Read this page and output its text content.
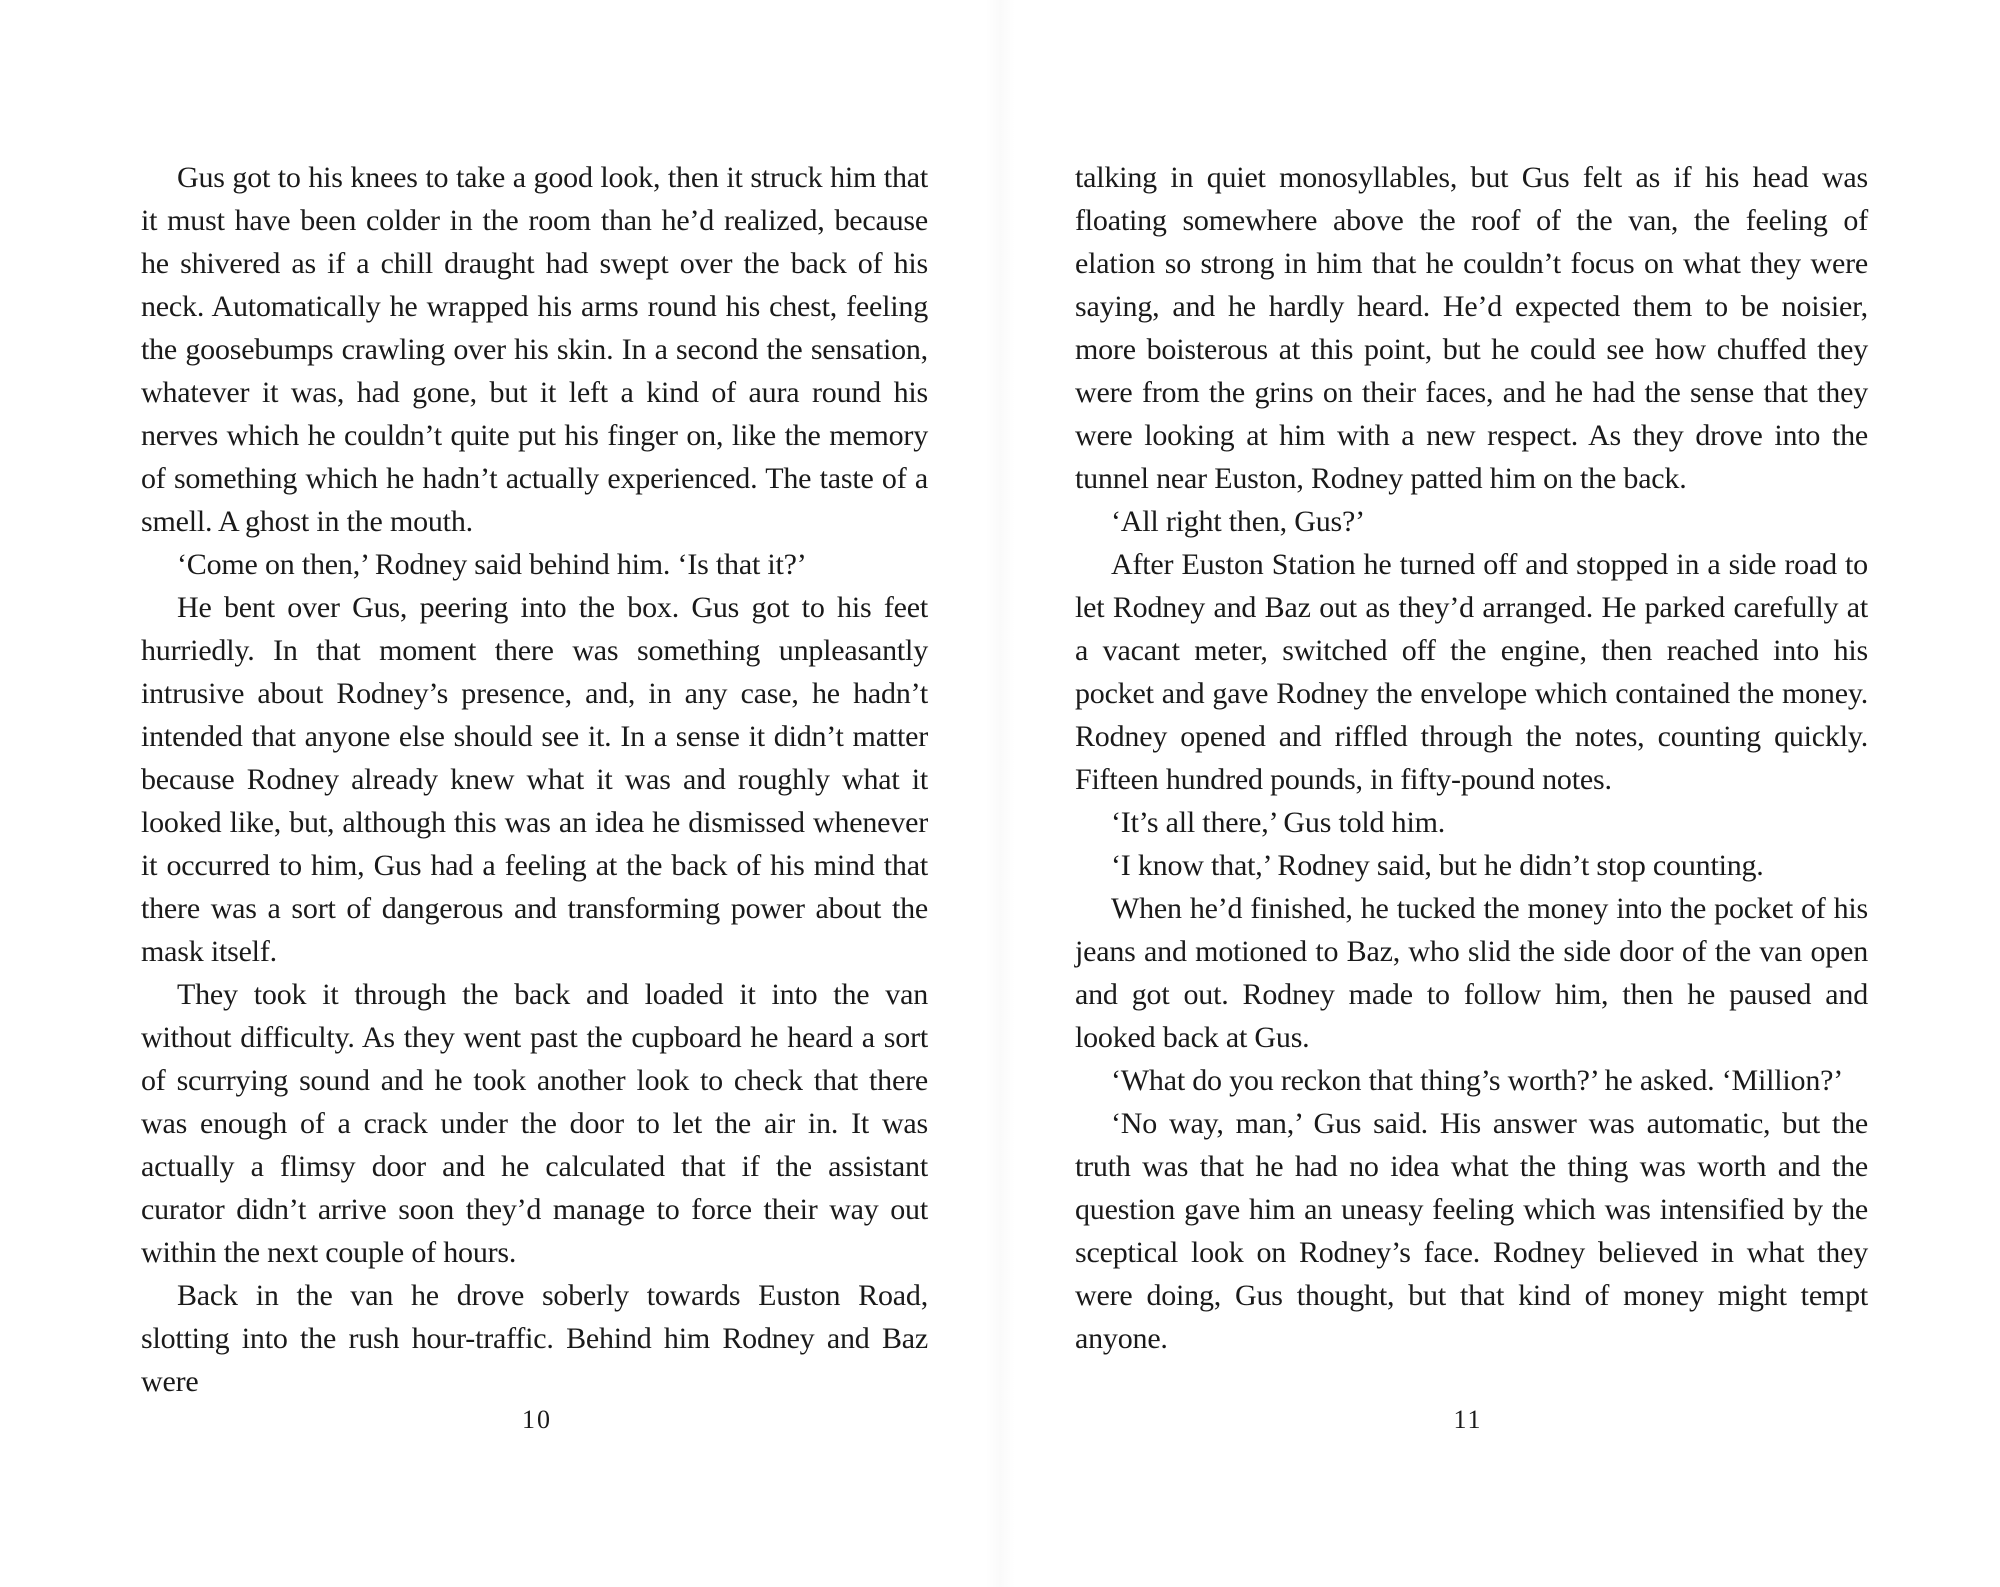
Gus got to his knees to take a good look, then it struck him that it must have been colder in the room than he’d realized, because he shivered as if a chill draught had swept over the back of his neck. Automatically he wrapped his arms round his chest, feeling the goosebumps crawling over his skin. In a second the sensation, whatever it was, had gone, but it left a kind of aura round his nerves which he couldn’t quite put his finger on, like the memory of something which he hadn’t actually experienced. The taste of a smell. A ghost in the mouth.

‘Come on then,’ Rodney said behind him. ‘Is that it?’

He bent over Gus, peering into the box. Gus got to his feet hurriedly. In that moment there was something unpleasantly intrusive about Rodney’s presence, and, in any case, he hadn’t intended that anyone else should see it. In a sense it didn’t matter because Rodney already knew what it was and roughly what it looked like, but, although this was an idea he dismissed whenever it occurred to him, Gus had a feeling at the back of his mind that there was a sort of dangerous and transforming power about the mask itself.

They took it through the back and loaded it into the van without difficulty. As they went past the cupboard he heard a sort of scurrying sound and he took another look to check that there was enough of a crack under the door to let the air in. It was actually a flimsy door and he calculated that if the assistant curator didn’t arrive soon they’d manage to force their way out within the next couple of hours.

Back in the van he drove soberly towards Euston Road, slotting into the rush hour-traffic. Behind him Rodney and Baz were

10

talking in quiet monosyllables, but Gus felt as if his head was floating somewhere above the roof of the van, the feeling of elation so strong in him that he couldn’t focus on what they were saying, and he hardly heard. He’d expected them to be noisier, more boisterous at this point, but he could see how chuffed they were from the grins on their faces, and he had the sense that they were looking at him with a new respect. As they drove into the tunnel near Euston, Rodney patted him on the back.

‘All right then, Gus?’

After Euston Station he turned off and stopped in a side road to let Rodney and Baz out as they’d arranged. He parked carefully at a vacant meter, switched off the engine, then reached into his pocket and gave Rodney the envelope which contained the money. Rodney opened and riffled through the notes, counting quickly. Fifteen hundred pounds, in fifty-pound notes.

‘It’s all there,’ Gus told him.

‘I know that,’ Rodney said, but he didn’t stop counting.

When he’d finished, he tucked the money into the pocket of his jeans and motioned to Baz, who slid the side door of the van open and got out. Rodney made to follow him, then he paused and looked back at Gus.

‘What do you reckon that thing’s worth?’ he asked. ‘Million?’

‘No way, man,’ Gus said. His answer was automatic, but the truth was that he had no idea what the thing was worth and the question gave him an uneasy feeling which was intensified by the sceptical look on Rodney’s face. Rodney believed in what they were doing, Gus thought, but that kind of money might tempt anyone.

11
